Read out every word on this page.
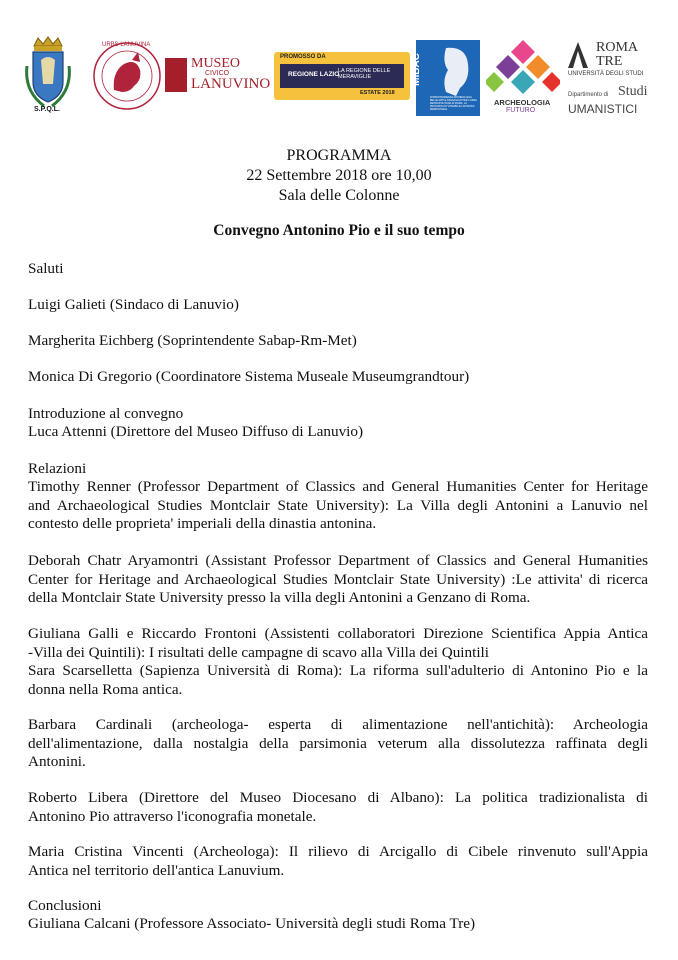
S.P.Q.L.
URBS LANUVINA
MUSEO
CIVICO
LANUVINO
PROMOSSO DA
REGIONE LAZIO
LA REGIONE DELLE MERAVIGLIE
ESTATE 2018
MiBAC
SOPRINTENDENZA ARCHEOLOGIA BELLE ARTI E PAESAGGIO PER L'AREA METROPOLITANA DI ROMA, LA PROVINCIA DI VITERBO E L'ETRURIA MERIDIONALE
ARCHEOLOGIA
FUTURO
ROMA
TRE
UNIVERSITÀ DEGLI STUDI
Dipartimento di Studi
UMANISTICI
PROGRAMMA
22 Settembre 2018 ore 10,00
Sala delle Colonne
Convegno Antonino Pio e il suo tempo
Saluti
Luigi Galieti (Sindaco di Lanuvio)
Margherita Eichberg (Soprintendente Sabap-Rm-Met)
Monica Di Gregorio (Coordinatore Sistema Museale Museumgrandtour)
Introduzione al convegno
Luca Attenni (Direttore del Museo Diffuso di Lanuvio)
Relazioni
Timothy Renner (Professor Department of Classics and General Humanities Center for Heritage
and Archaeological Studies Montclair State University): La Villa degli Antonini a Lanuvio nel
contesto delle proprieta' imperiali della dinastia antonina.
Deborah Chatr Aryamontri (Assistant Professor Department of Classics and General Humanities
Center for Heritage and Archaeological Studies Montclair State University) :Le attivita' di ricerca
della Montclair State University presso la villa degli Antonini a Genzano di Roma.
Giuliana Galli e Riccardo Frontoni (Assistenti collaboratori Direzione Scientifica Appia Antica
-Villa dei Quintili): I risultati delle campagne di scavo alla Villa dei Quintili
Sara Scarselletta (Sapienza Università di Roma): La riforma sull'adulterio di Antonino Pio e la
donna nella Roma antica.
Barbara Cardinali (archeologa- esperta di alimentazione nell'antichità): Archeologia
dell'alimentazione, dalla nostalgia della parsimonia veterum alla dissolutezza raffinata degli
Antonini.
Roberto Libera (Direttore del Museo Diocesano di Albano): La politica tradizionalista di
Antonino Pio attraverso l'iconografia monetale.
Maria Cristina Vincenti (Archeologa): Il rilievo di Arcigallo di Cibele rinvenuto sull'Appia
Antica nel territorio dell'antica Lanuvium.
Conclusioni
Giuliana Calcani (Professore Associato- Università degli studi Roma Tre)
